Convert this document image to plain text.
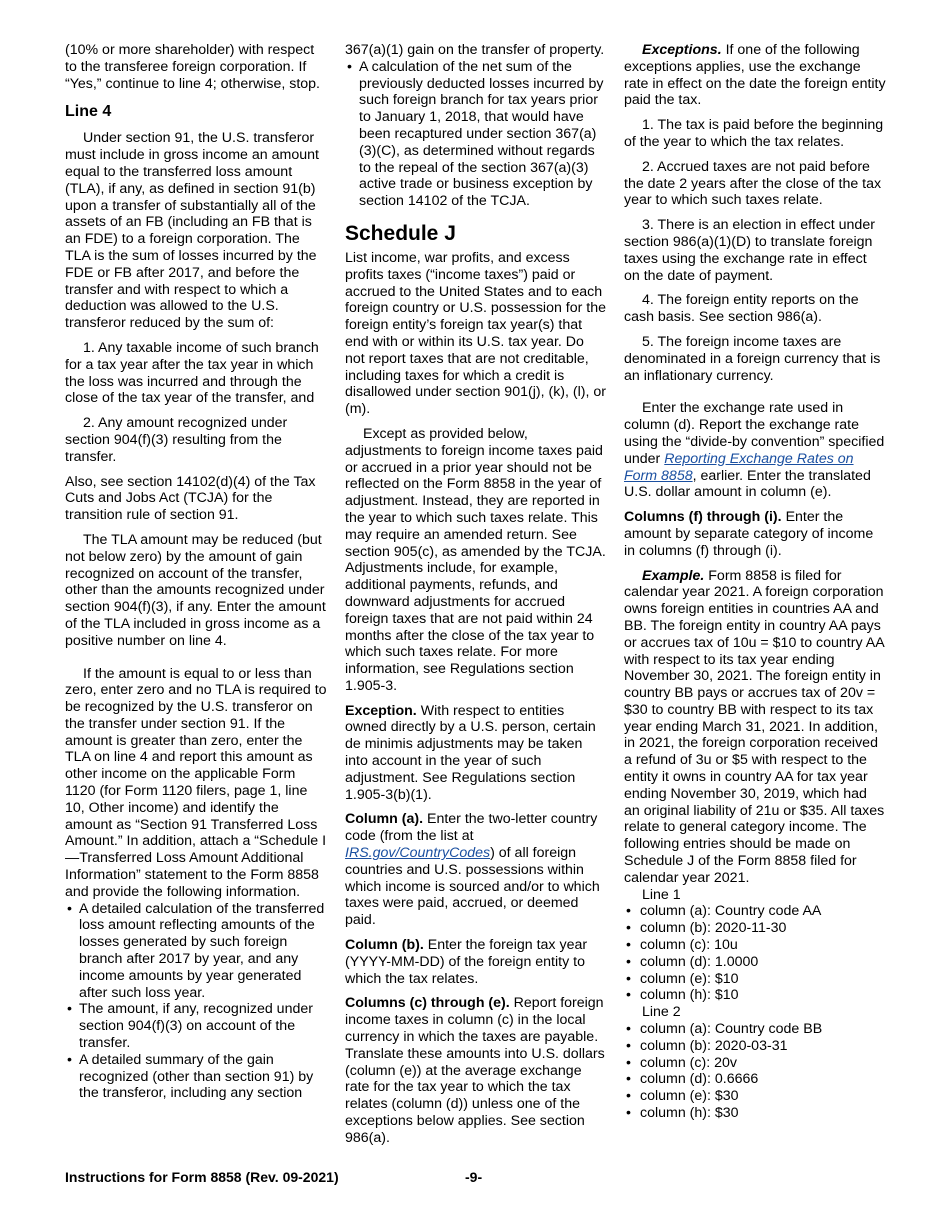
(10% or more shareholder) with respect to the transferee foreign corporation. If “Yes,” continue to line 4; otherwise, stop.

Line 4

Under section 91, the U.S. transferor must include in gross income an amount equal to the transferred loss amount (TLA), if any, as defined in section 91(b) upon a transfer of substantially all of the assets of an FB (including an FB that is an FDE) to a foreign corporation. The TLA is the sum of losses incurred by the FDE or FB after 2017, and before the transfer and with respect to which a deduction was allowed to the U.S. transferor reduced by the sum of:

1. Any taxable income of such branch for a tax year after the tax year in which the loss was incurred and through the close of the tax year of the transfer, and

2. Any amount recognized under section 904(f)(3) resulting from the transfer.

Also, see section 14102(d)(4) of the Tax Cuts and Jobs Act (TCJA) for the transition rule of section 91.

The TLA amount may be reduced (but not below zero) by the amount of gain recognized on account of the transfer, other than the amounts recognized under section 904(f)(3), if any. Enter the amount of the TLA included in gross income as a positive number on line 4.

If the amount is equal to or less than zero, enter zero and no TLA is required to be recognized by the U.S. transferor on the transfer under section 91. If the amount is greater than zero, enter the TLA on line 4 and report this amount as other income on the applicable Form 1120 (for Form 1120 filers, page 1, line 10, Other income) and identify the amount as “Section 91 Transferred Loss Amount.” In addition, attach a “Schedule I—Transferred Loss Amount Additional Information” statement to the Form 8858 and provide the following information.

• A detailed calculation of the transferred loss amount reflecting amounts of the losses generated by such foreign branch after 2017 by year, and any income amounts by year generated after such loss year.
• The amount, if any, recognized under section 904(f)(3) on account of the transfer.
• A detailed summary of the gain recognized (other than section 91) by the transferor, including any section

367(a)(1) gain on the transfer of property.

• A calculation of the net sum of the previously deducted losses incurred by such foreign branch for tax years prior to January 1, 2018, that would have been recaptured under section 367(a)(3)(C), as determined without regards to the repeal of the section 367(a)(3) active trade or business exception by section 14102 of the TCJA.
Schedule J

List income, war profits, and excess profits taxes (“income taxes”) paid or accrued to the United States and to each foreign country or U.S. possession for the foreign entity’s foreign tax year(s) that end with or within its U.S. tax year. Do not report taxes that are not creditable, including taxes for which a credit is disallowed under section 901(j), (k), (l), or (m).

Except as provided below, adjustments to foreign income taxes paid or accrued in a prior year should not be reflected on the Form 8858 in the year of adjustment. Instead, they are reported in the year to which such taxes relate. This may require an amended return. See section 905(c), as amended by the TCJA. Adjustments include, for example, additional payments, refunds, and downward adjustments for accrued foreign taxes that are not paid within 24 months after the close of the tax year to which such taxes relate. For more information, see Regulations section 1.905-3.

Exception. With respect to entities owned directly by a U.S. person, certain de minimis adjustments may be taken into account in the year of such adjustment. See Regulations section 1.905-3(b)(1).

Column (a). Enter the two-letter country code (from the list at IRS.gov/CountryCodes) of all foreign countries and U.S. possessions within which income is sourced and/or to which taxes were paid, accrued, or deemed paid.

Column (b). Enter the foreign tax year (YYYY-MM-DD) of the foreign entity to which the tax relates.

Columns (c) through (e). Report foreign income taxes in column (c) in the local currency in which the taxes are payable. Translate these amounts into U.S. dollars (column (e)) at the average exchange rate for the tax year to which the tax relates (column (d)) unless one of the exceptions below applies. See section 986(a).

Exceptions. If one of the following exceptions applies, use the exchange rate in effect on the date the foreign entity paid the tax.

1. The tax is paid before the beginning of the year to which the tax relates.

2. Accrued taxes are not paid before the date 2 years after the close of the tax year to which such taxes relate.

3. There is an election in effect under section 986(a)(1)(D) to translate foreign taxes using the exchange rate in effect on the date of payment.

4. The foreign entity reports on the cash basis. See section 986(a).

5. The foreign income taxes are denominated in a foreign currency that is an inflationary currency.

Enter the exchange rate used in column (d). Report the exchange rate using the “divide-by convention” specified under Reporting Exchange Rates on Form 8858, earlier. Enter the translated U.S. dollar amount in column (e).

Columns (f) through (i). Enter the amount by separate category of income in columns (f) through (i).

Example. Form 8858 is filed for calendar year 2021. A foreign corporation owns foreign entities in countries AA and BB. The foreign entity in country AA pays or accrues tax of 10u = $10 to country AA with respect to its tax year ending November 30, 2021. The foreign entity in country BB pays or accrues tax of 20v = $30 to country BB with respect to its tax year ending March 31, 2021. In addition, in 2021, the foreign corporation received a refund of 3u or $5 with respect to the entity it owns in country AA for tax year ending November 30, 2019, which had an original liability of 21u or $35. All taxes relate to general category income. The following entries should be made on Schedule J of the Form 8858 filed for calendar year 2021.

Line 1
• column (a): Country code AA
• column (b): 2020-11-30
• column (c): 10u
• column (d): 1.0000
• column (e): $10
• column (h): $10
Line 2
• column (a): Country code BB
• column (b): 2020-03-31
• column (c): 20v
• column (d): 0.6666
• column (e): $30
• column (h): $30
Instructions for Form 8858 (Rev. 09-2021)	-9-
